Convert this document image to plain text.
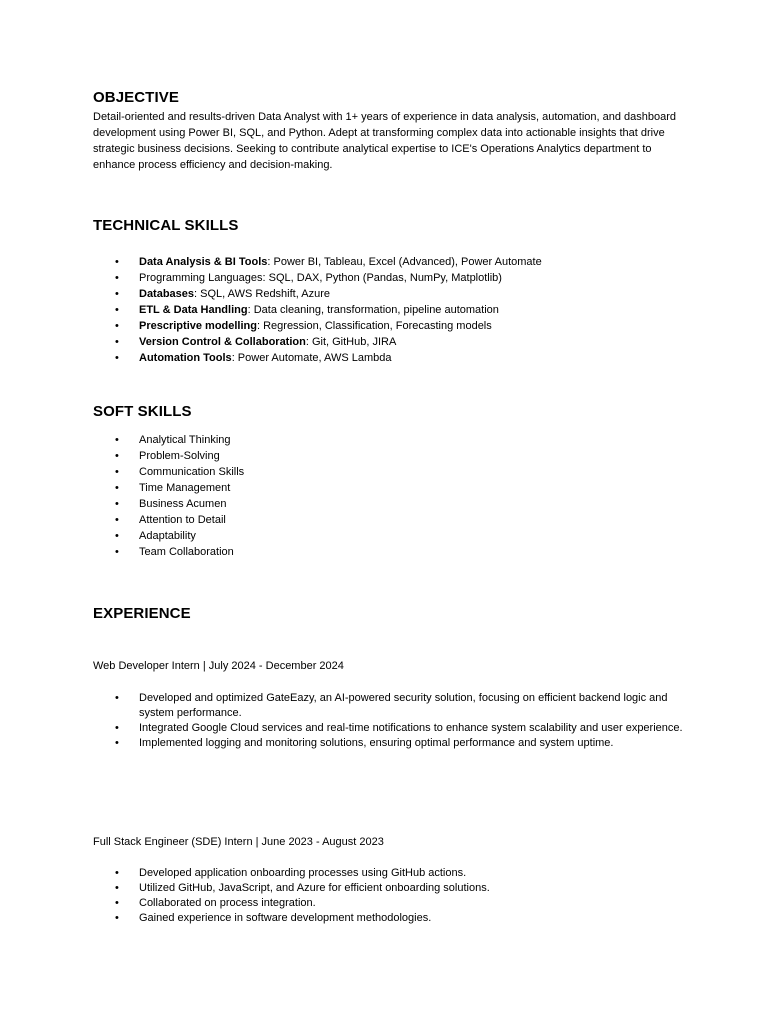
OBJECTIVE

Detail-oriented and results-driven Data Analyst with 1+ years of experience in data analysis, automation, and dashboard development using Power BI, SQL, and Python. Adept at transforming complex data into actionable insights that drive strategic business decisions. Seeking to contribute analytical expertise to ICE's Operations Analytics department to enhance process efficiency and decision-making.

TECHNICAL SKILLS
• Data Analysis & BI Tools: Power BI, Tableau, Excel (Advanced), Power Automate
• Programming Languages: SQL, DAX, Python (Pandas, NumPy, Matplotlib)
• Databases: SQL, AWS Redshift, Azure
• ETL & Data Handling: Data cleaning, transformation, pipeline automation
• Prescriptive modelling: Regression, Classification, Forecasting models
• Version Control & Collaboration: Git, GitHub, JIRA
• Automation Tools: Power Automate, AWS Lambda
SOFT SKILLS
• Analytical Thinking
• Problem-Solving
• Communication Skills
• Time Management
• Business Acumen
• Attention to Detail
• Adaptability
• Team Collaboration
EXPERIENCE

Web Developer Intern | July 2024 - December 2024

• Developed and optimized GateEazy, an AI-powered security solution, focusing on efficient backend logic and system performance.
• Integrated Google Cloud services and real-time notifications to enhance system scalability and user experience.
• Implemented logging and monitoring solutions, ensuring optimal performance and system uptime.

Full Stack Engineer (SDE) Intern | June 2023 - August 2023

• Developed application onboarding processes using GitHub actions.
• Utilized GitHub, JavaScript, and Azure for efficient onboarding solutions.
• Collaborated on process integration.
• Gained experience in software development methodologies.
